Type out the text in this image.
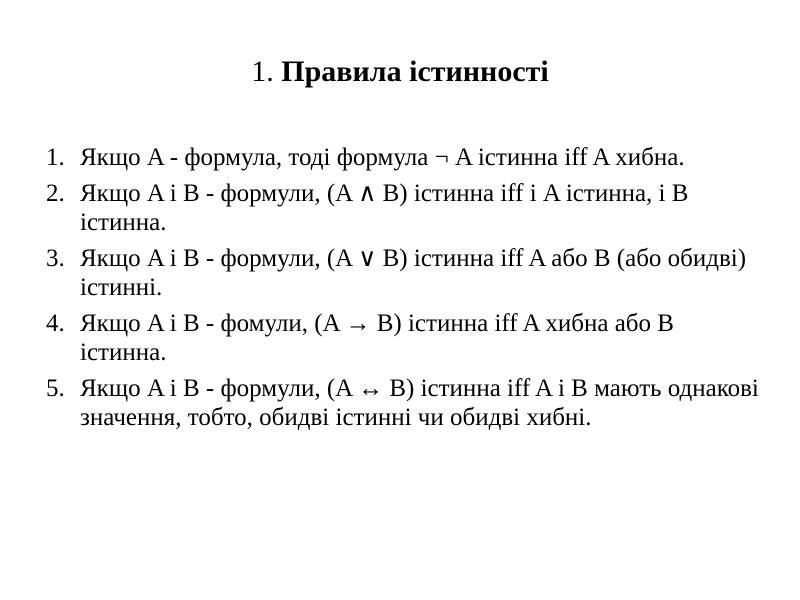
1. Правила істинності
1. Якщо A - формула, тоді формула ¬ A істинна iff A хибна.
2. Якщо A і B - формули, (A ∧ B) істинна iff і A істинна, і B істинна.
3. Якщо A і B - формули, (A ∨ B) істинна iff A або B (або обидві) істинні.
4. Якщо A і B - фомули, (A → B) істинна iff A хибна або B істинна.
5. Якщо A і B - формули, (A ↔ B) істинна iff A і B мають однакові значення, тобто, обидві істинні чи обидві хибні.
